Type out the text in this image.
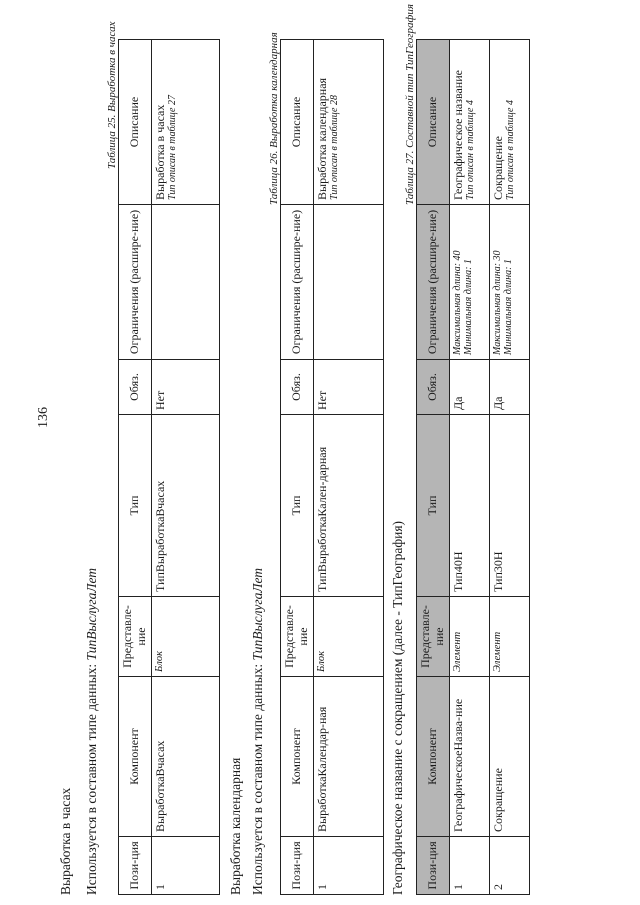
136
Выработка в часах Используется в составном типе данных: ТипВыслугаЛет
Таблица 25. Выработка в часах
Пози-ция	Компонент	Представле-ние	Тип	Обяз.	Ограничения (расшире-ние)	Описание
1	ВыработкаВчасах	Блок	ТипВыработкаВчасах	Нет		Выработка в часах Тип описан в таблице 27
Выработка календарная Используется в составном типе данных: ТипВыслугаЛет
Таблица 26. Выработка календарная
Пози-ция	Компонент	Представле-ние	Тип	Обяз.	Ограничения (расшире-ние)	Описание
1	ВыработкаКалендар-ная	Блок	ТипВыработкаКален-дарная	Нет		Выработка календарная Тип описан в таблице 28
Географическое название с сокращением (далее - ТипГеография)
Таблица 27. Составной тип ТипГеография
Пози-ция	Компонент	Представле-ние	Тип	Обяз.	Ограничения (расшире-ние)	Описание
1	ГеографическоеНазва-ние	Элемент	Тип40Н	Да	Максимальная длина: 40 Минимальная длина: 1	Географическое название Тип описан в таблице 4

2	Сокращение	Элемент	Тип30Н	Да	Максимальная длина: 30 Минимальная длина: 1	Сокращение Тип описан в таблице 4
